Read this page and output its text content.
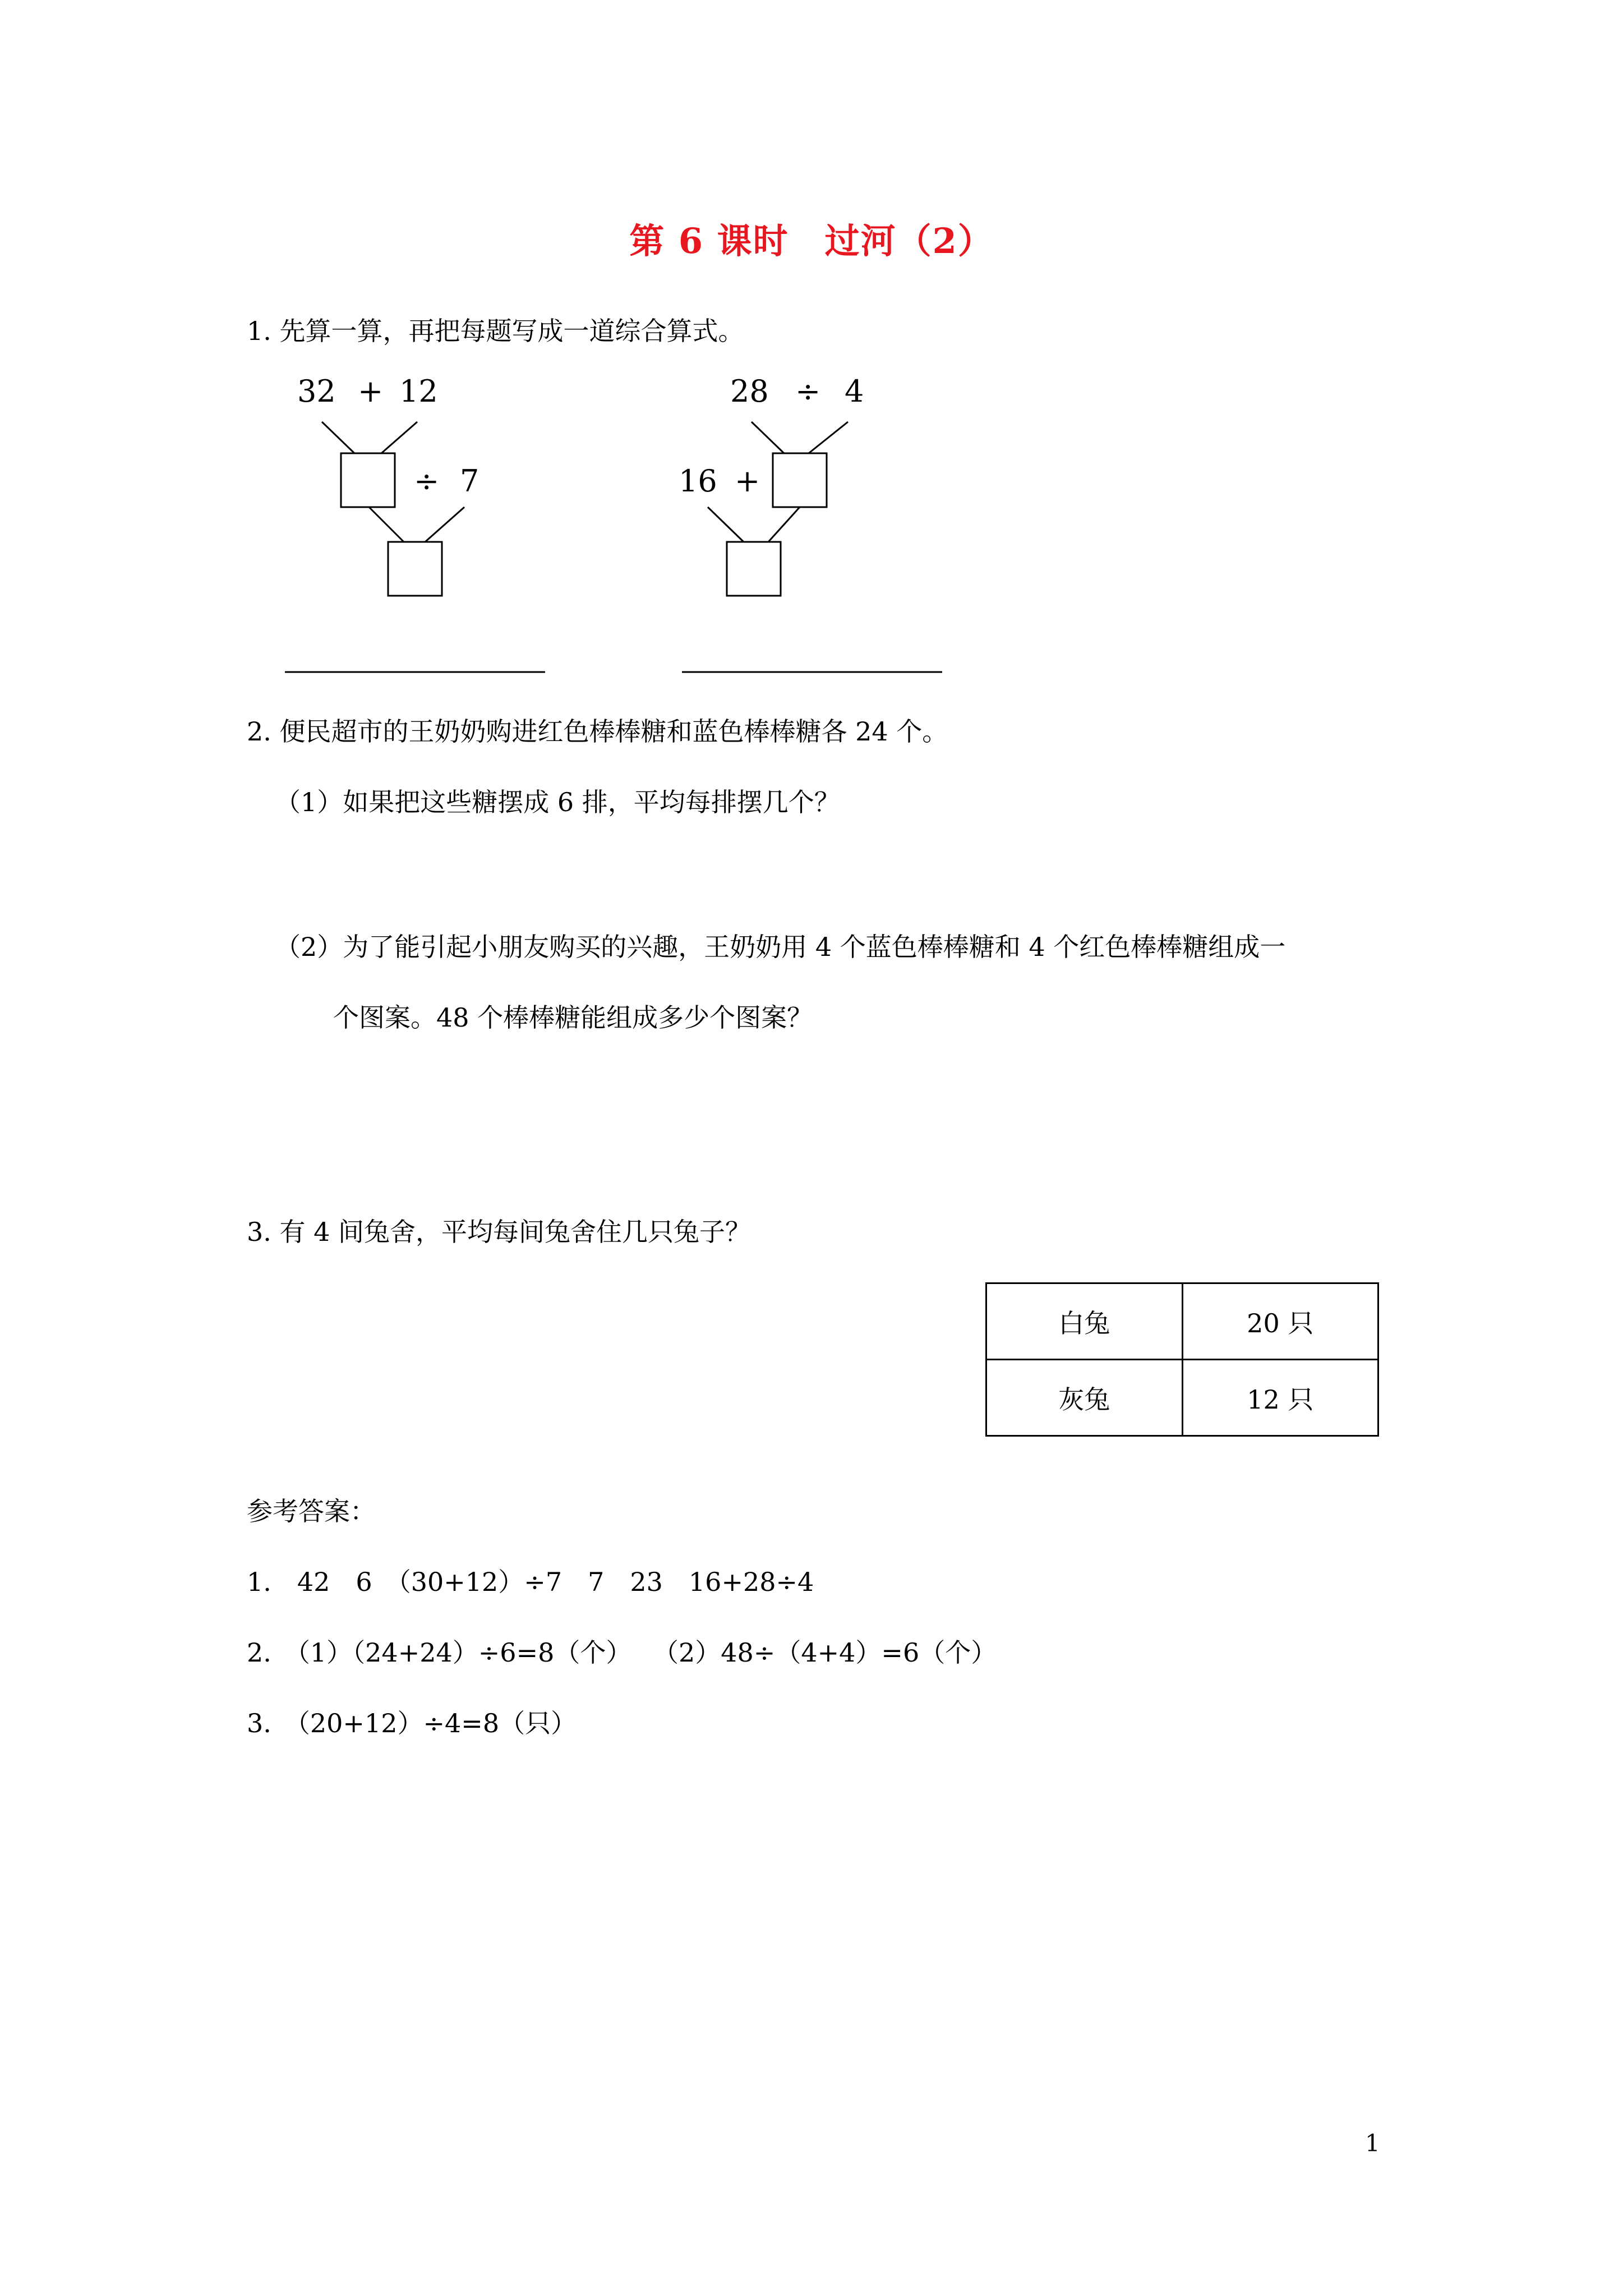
第 6 课时　过河（2）
1. 先算一算，再把每题写成一道综合算式。
32 + 12
÷ 7
28 ÷ 4
16 +
2. 便民超市的王奶奶购进红色棒棒糖和蓝色棒棒糖各 24 个。
（1）如果把这些糖摆成 6 排，平均每排摆几个？
（2）为了能引起小朋友购买的兴趣，王奶奶用 4 个蓝色棒棒糖和 4 个红色棒棒糖组成一
个图案。48 个棒棒糖能组成多少个图案？
3. 有 4 间兔舍，平均每间兔舍住几只兔子？
白兔	20 只
灰兔	12 只
参考答案：
1.　42　6　（30+12）÷7　7　23　16+28÷4
2.　（1）（24+24）÷6=8（个）　 （2）48÷（4+4）=6（个）
3.　（20+12）÷4=8（只）
1
